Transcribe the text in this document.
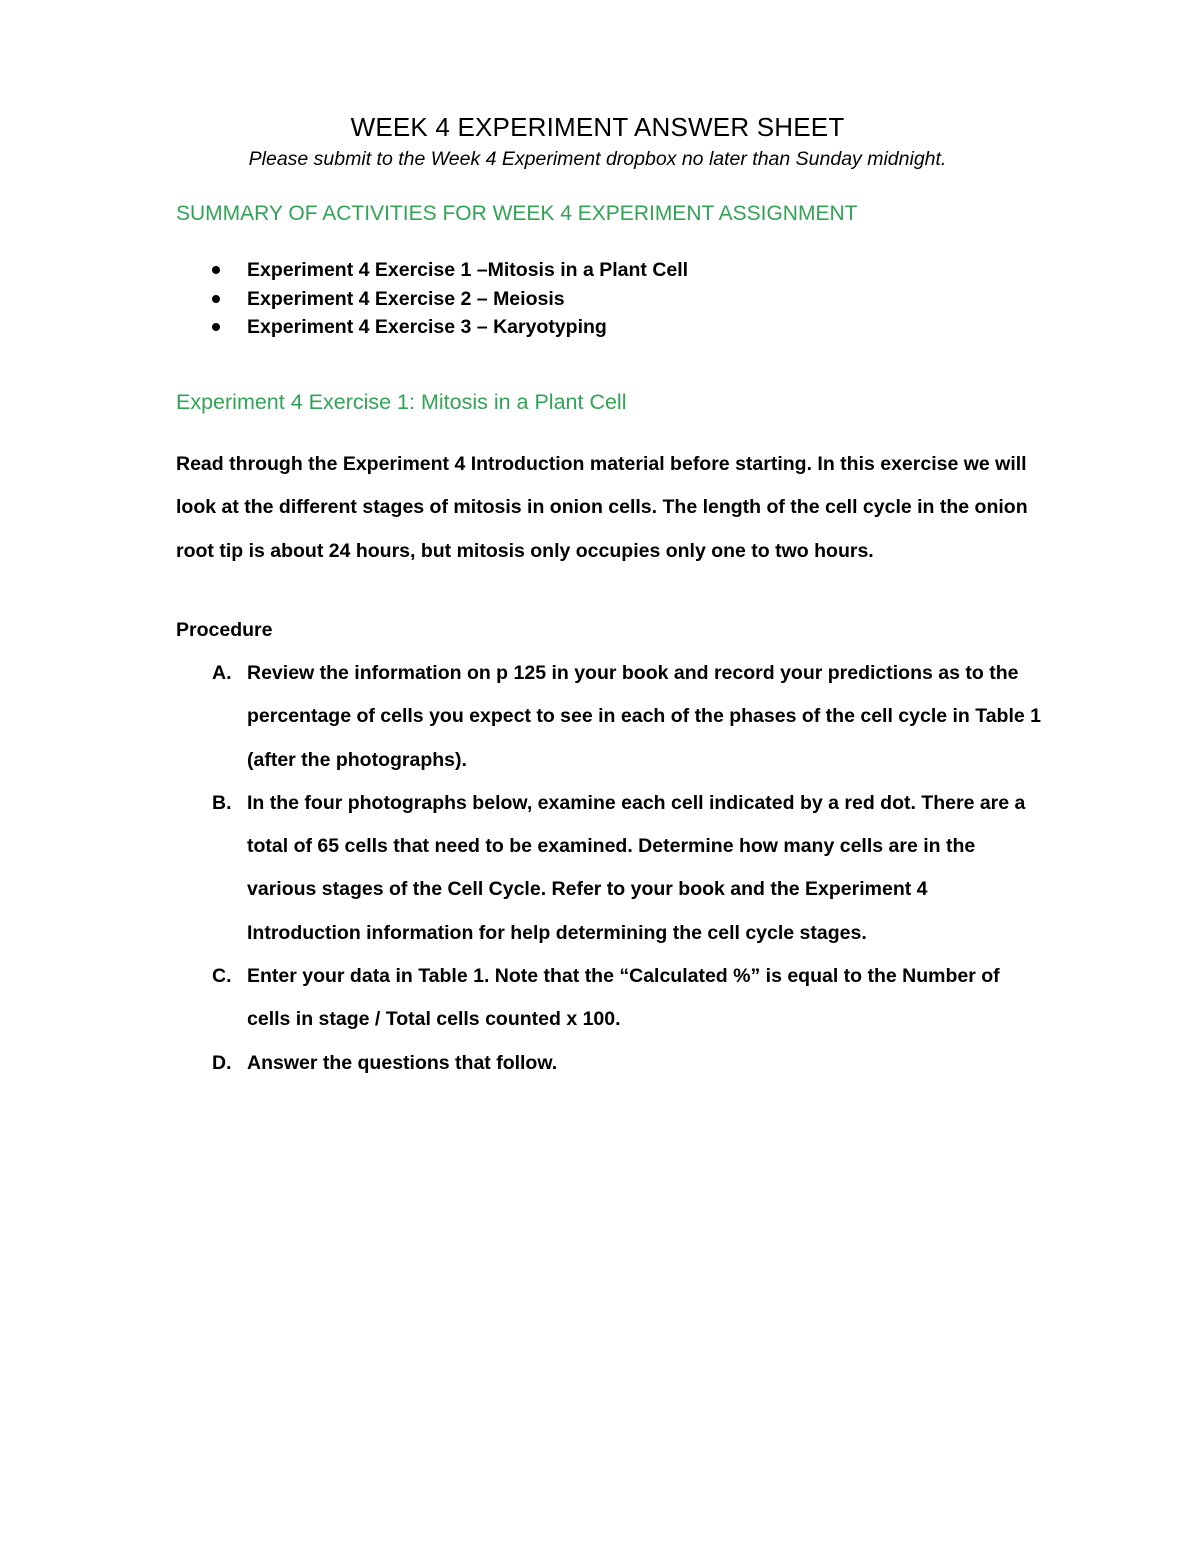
WEEK 4 EXPERIMENT ANSWER SHEET
Please submit to the Week 4 Experiment dropbox no later than Sunday midnight.
SUMMARY OF ACTIVITIES FOR WEEK 4 EXPERIMENT ASSIGNMENT
Experiment 4 Exercise 1 –Mitosis in a Plant Cell
Experiment 4 Exercise 2 – Meiosis
Experiment 4 Exercise 3 – Karyotyping
Experiment 4 Exercise 1: Mitosis in a Plant Cell
Read through the Experiment 4 Introduction material before starting. In this exercise we will look at the different stages of mitosis in onion cells. The length of the cell cycle in the onion root tip is about 24 hours, but mitosis only occupies only one to two hours.
Procedure
A. Review the information on p 125 in your book and record your predictions as to the percentage of cells you expect to see in each of the phases of the cell cycle in Table 1 (after the photographs).
B. In the four photographs below, examine each cell indicated by a red dot. There are a total of 65 cells that need to be examined. Determine how many cells are in the various stages of the Cell Cycle. Refer to your book and the Experiment 4 Introduction information for help determining the cell cycle stages.
C. Enter your data in Table 1. Note that the “Calculated %” is equal to the Number of cells in stage / Total cells counted x 100.
D. Answer the questions that follow.
